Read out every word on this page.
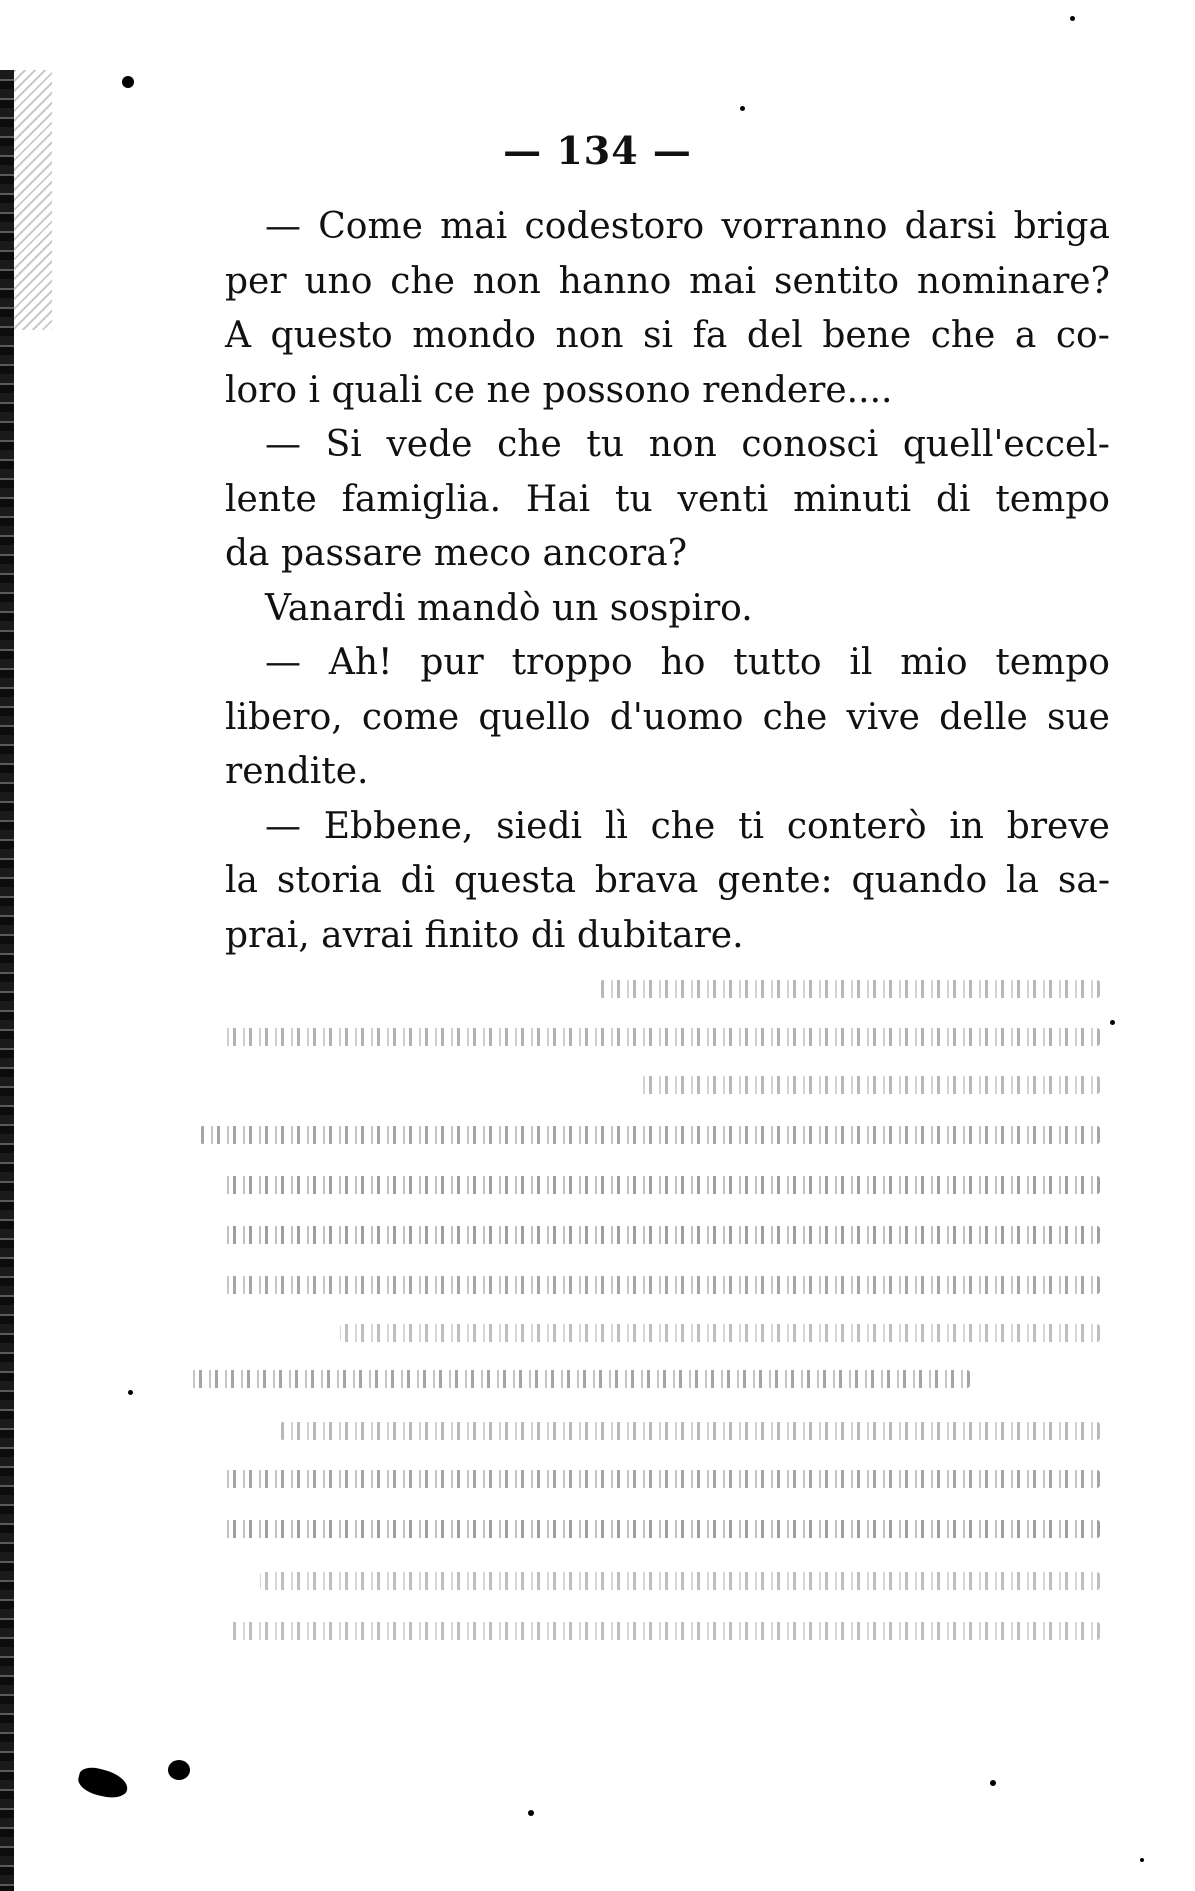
— 134 —
— Come mai codestoro vorranno darsi briga
per uno che non hanno mai sentito nominare?
A questo mondo non si fa del bene che a co-
loro i quali ce ne possono rendere....
— Si vede che tu non conosci quell'eccel-
lente famiglia. Hai tu venti minuti di tempo
da passare meco ancora?
Vanardi mandò un sospiro.
— Ah! pur troppo ho tutto il mio tempo
libero, come quello d'uomo che vive delle sue
rendite.
— Ebbene, siedi lì che ti conterò in breve
la storia di questa brava gente: quando la sa-
prai, avrai finito di dubitare.
